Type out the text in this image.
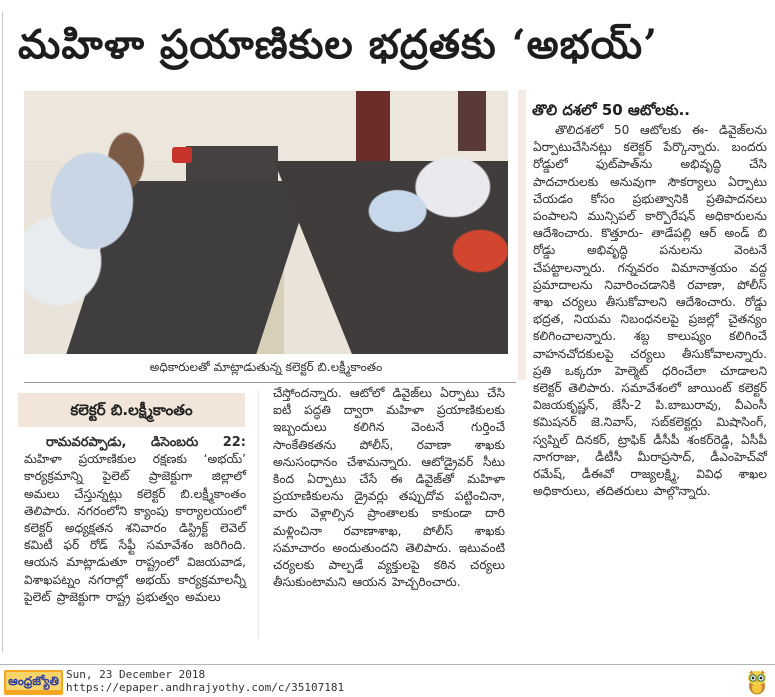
మహిళా ప్రయాణికుల భద్రతకు ‘అభయ్‌’
అధికారులతో మాట్లాడుతున్న కలెక్టర్‌ బి.లక్ష్మీకాంతం
కలెక్టర్‌ బి.లక్ష్మీకాంతం

రామవరప్పాడు, డిసెంబరు 22: మహిళా ప్రయాణికుల రక్షణకు ‘అభయ్‌’ కార్యక్రమాన్ని పైలెట్‌ ప్రాజెక్టుగా జిల్లాలో అమలు చేస్తున్నట్లు కలెక్టర్‌ బి.లక్ష్మీకాంతం తెలిపారు. నగరంలోని క్యాంపు కార్యాలయంలో కలెక్టర్‌ అధ్యక్షతన శనివారం డిస్ట్రిక్ట్‌ లెవెల్‌ కమిటీ ఫర్‌ రోడ్‌ సేఫ్టీ సమావేశం జరిగింది. ఆయన మాట్లాడుతూ రాష్ట్రంలో విజయవాడ, విశాఖపట్నం నగరాల్లో అభయ్‌ కార్యక్రమాలన్నీ పైలెట్‌ ప్రాజెక్టుగా రాష్ట్ర ప్రభుత్వం అమలు

చేస్తోందన్నారు. ఆటోలో డివైజ్‌లు ఏర్పాటు చేసి ఐటీ పద్ధతి ద్వారా మహిళా ప్రయాణికులకు ఇబ్బందులు కలిగిన వెంటనే గుర్తించే సాంకేతికతను పోలీస్‌, రవాణా శాఖకు అనుసంధానం చేశామన్నారు. ఆటోడ్రైవర్‌ సీటు కింద ఏర్పాటు చేసే ఈ డివైజ్‌తో మహిళా ప్రయాణికులను డ్రైవర్లు తప్పుదోవ పట్టించినా, వారు వెళ్లాల్సిన ప్రాంతాలకు కాకుండా దారి మళ్లించినా రవాణాశాఖ, పోలీస్‌ శాఖకు సమాచారం అందుతుందని తెలిపారు. ఇటువంటి చర్యలకు పాల్పడే వ్యక్తులపై కఠిన చర్యలు తీసుకుంటామని ఆయన హెచ్చరించారు.

తొలి దశలో 50 ఆటోలకు..

తొలిదశలో 50 ఆటోలకు ఈ- డివైజ్‌లను ఏర్పాటుచేసినట్లు కలెక్టర్‌ పేర్కొన్నారు. బందరు రోడ్డులో ఫుట్‌పాత్‌ను అభివృద్ధి చేసి పాదచారులకు అనువుగా సౌకర్యాలు ఏర్పాటు చేయడం కోసం ప్రభుత్వానికి ప్రతిపాదనలు పంపాలని మున్సిపల్‌ కార్పొరేషన్‌ అధికారులను ఆదేశించారు. కొత్తూరు- తాడేపల్లి ఆర్‌ అండ్‌ బి రోడ్డు అభివృద్ధి పనులను వెంటనే చేపట్టాలన్నారు. గన్నవరం విమానాశ్రయం వద్ద ప్రమాదాలను నివారించడానికి రవాణా, పోలీస్‌ శాఖ చర్యలు తీసుకోవాలని ఆదేశించారు. రోడ్డు భద్రత, నియమ నిబంధనలపై ప్రజల్లో చైతన్యం కలిగించాలన్నారు. శబ్ద కాలుష్యం కలిగించే వాహనచోదకులపై చర్యలు తీసుకోవాలన్నారు. ప్రతి ఒక్కరూ హెల్మెట్‌ ధరించేలా చూడాలని కలెక్టర్‌ తెలిపారు. సమావేశంలో జాయింట్‌ కలెక్టర్‌ విజయకృష్ణన్‌, జేసీ-2 పి.బాబురావు, వీఎంసీ కమిషనర్‌ జె.నివాస్‌, సబ్‌కలెక్టర్లు మిషాసింగ్‌, స్వప్నిల్‌ దినకర్‌, ట్రాఫిక్‌ డీసీపీ శంకర్‌రెడ్డి, ఏసీపీ నాగరాజు, డీటీసీ మీరాప్రసాద్‌, డీఎంహెచ్‌వో రమేష్‌, డీఈవో రాజ్యలక్ష్మి, వివిధ శాఖల అధికారులు, తదితరులు పాల్గొన్నారు.

ఆంధ్రజ్యోతి Sun, 23 December 2018
https://epaper.andhrajyothy.com/c/35107181
